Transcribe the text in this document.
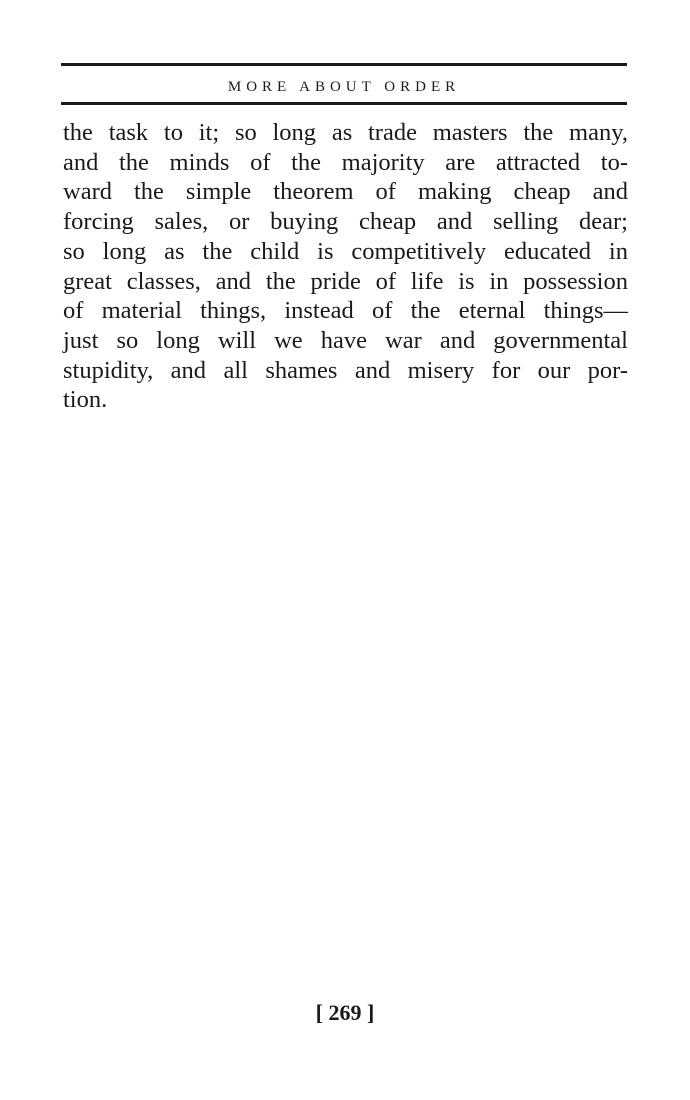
MORE ABOUT ORDER

the task to it; so long as trade masters the many,
and the minds of the majority are attracted to-
ward the simple theorem of making cheap and
forcing sales, or buying cheap and selling dear;
so long as the child is competitively educated in
great classes, and the pride of life is in possession
of material things, instead of the eternal things—
just so long will we have war and governmental
stupidity, and all shames and misery for our por-
tion.

[ 269 ]
